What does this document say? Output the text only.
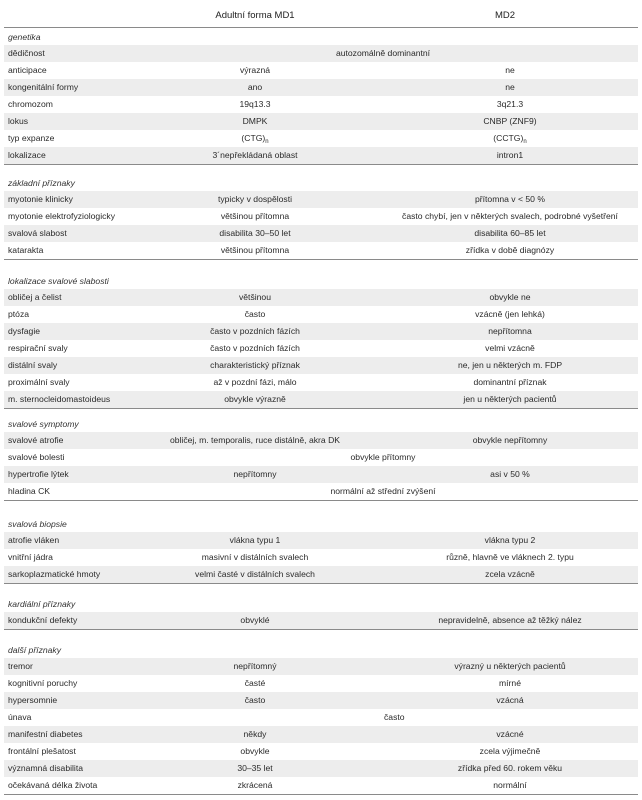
Adultní forma MD1	MD2
genetika
dědičnost	autozomálně dominantní
anticipace	výrazná	ne
kongenitální formy	ano	ne
chromozom	19q13.3	3q21.3
lokus	DMPK	CNBP (ZNF9)
typ expanze	$(CTG)_n$	$(CCTG)_n$
lokalizace	3´nepřekládaná oblast	intron1
základní příznaky
myotonie klinicky	typicky v dospělosti	přítomna v < 50 %
myotonie elektrofyziologicky	většinou přítomna	často chybí, jen v některých svalech, podrobné vyšetření
svalová slabost	disabilita 30–50 let	disabilita 60–85 let
katarakta	většinou přítomna	zřídka v době diagnózy
lokalizace svalové slabosti
obličej a čelist	většinou	obvykle ne
ptóza	často	vzácně (jen lehká)
dysfagie	často v pozdních fázích	nepřítomna
respirační svaly	často v pozdních fázích	velmi vzácně
distální svaly	charakteristický příznak	ne, jen u některých m. FDP
proximální svaly	až v pozdní fázi, málo	dominantní příznak
m. sternocleidomastoideus	obvykle výrazně	jen u některých pacientů
svalové symptomy
svalové atrofie	obličej, m. temporalis, ruce distálně, akra DK	obvykle nepřítomny
svalové bolesti	obvykle přítomny
hypertrofie lýtek	nepřítomny	asi v 50 %
hladina CK	normální až střední zvýšení
svalová biopsie
atrofie vláken	vlákna typu 1	vlákna typu 2
vnitřní jádra	masivní v distálních svalech	různě, hlavně ve vláknech 2. typu
sarkoplazmatické hmoty	velmi časté v distálních svalech	zcela vzácně
kardiální příznaky
kondukční defekty	obvyklé	nepravidelně, absence až těžký nález
další příznaky
tremor	nepřítomný	výrazný u některých pacientů
kognitivní poruchy	časté	mírné
hypersomnie	často	vzácná
únava	často
manifestní diabetes	někdy	vzácné
frontální plešatost	obvykle	zcela výjimečně
významná disabilita	30–35 let	zřídka před 60. rokem věku
očekávaná délka života	zkrácená	normální
